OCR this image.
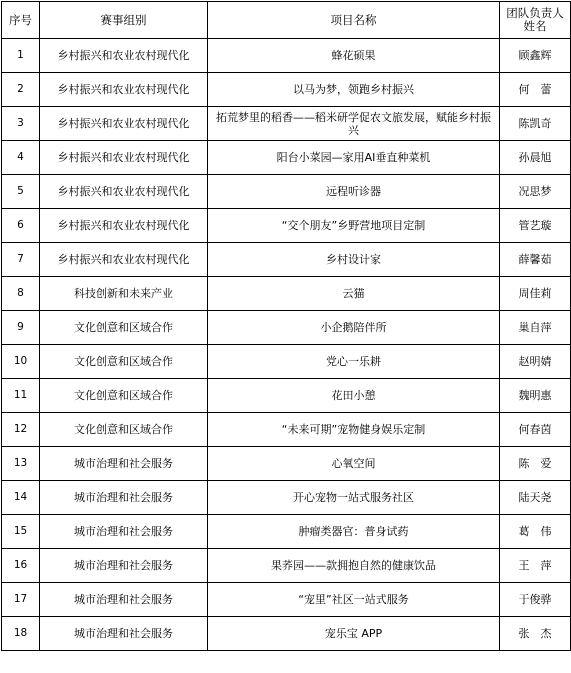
序号	赛事组别	项目名称	团队负责人姓名
1	乡村振兴和农业农村现代化	蜂花硕果	顾鑫辉
2	乡村振兴和农业农村现代化	以马为梦，领跑乡村振兴	何　蕾
3	乡村振兴和农业农村现代化	拓荒梦里的稻香——稻米研学促农文旅发展，赋能乡村振兴	陈凯奇
4	乡村振兴和农业农村现代化	阳台小菜园—家用AI垂直种菜机	孙晨旭
5	乡村振兴和农业农村现代化	远程听诊器	况思梦
6	乡村振兴和农业农村现代化	“交个朋友”乡野营地项目定制	管艺璇
7	乡村振兴和农业农村现代化	乡村设计家	薛馨茹
8	科技创新和未来产业	云猫	周佳莉
9	文化创意和区域合作	小企鹅陪伴所	巢自萍
10	文化创意和区域合作	党心一乐耕	赵明婧
11	文化创意和区域合作	花田小憩	魏明惠
12	文化创意和区域合作	“未来可期”宠物健身娱乐定制	何春茵
13	城市治理和社会服务	心氧空间	陈　爱
14	城市治理和社会服务	开心宠物一站式服务社区	陆天尧
15	城市治理和社会服务	肿瘤类器官：普身试药	葛　伟
16	城市治理和社会服务	果荞园——款拥抱自然的健康饮品	王　萍
17	城市治理和社会服务	“宠里”社区一站式服务	于俊骅
18	城市治理和社会服务	宠乐宝 APP	张　杰
